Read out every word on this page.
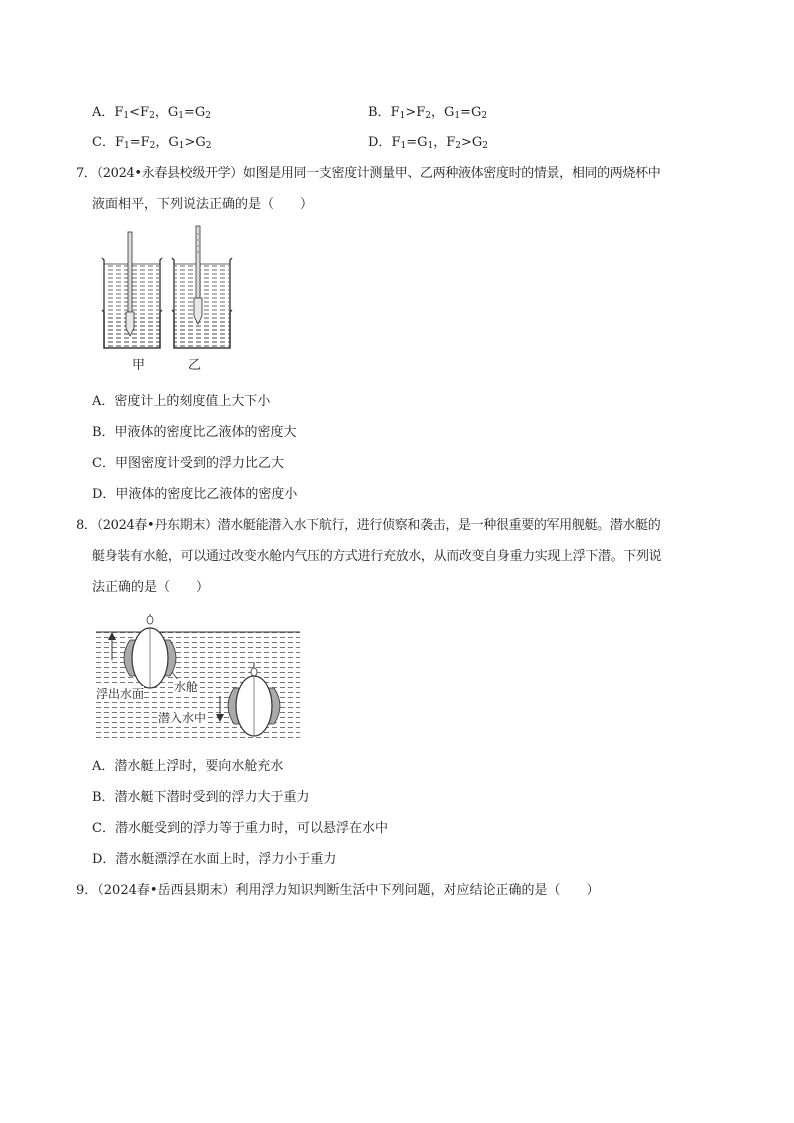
A．$F_1<F_2$，$G_1=G_2$	B．$F_1>F_2$，$G_1=G_2$
C．$F_1=F_2$，$G_1>G_2$	D．$F_1=G_1$，$F_2>G_2$
7．（2024•永春县校级开学）如图是用同一支密度计测量甲、乙两种液体密度时的情景，相同的两烧杯中
液面相平，下列说法正确的是（　　）
甲	乙
A．密度计上的刻度值上大下小
B．甲液体的密度比乙液体的密度大
C．甲图密度计受到的浮力比乙大
D．甲液体的密度比乙液体的密度小
8．（2024春•丹东期末）潜水艇能潜入水下航行，进行侦察和袭击，是一种很重要的军用舰艇。潜水艇的
艇身装有水舱，可以通过改变水舱内气压的方式进行充放水，从而改变自身重力实现上浮下潜。下列说
法正确的是（　　）
浮出水面 水舱
潜入水中
A．潜水艇上浮时，要向水舱充水
B．潜水艇下潜时受到的浮力大于重力
C．潜水艇受到的浮力等于重力时，可以悬浮在水中
D．潜水艇漂浮在水面上时，浮力小于重力
9．（2024春•岳西县期末）利用浮力知识判断生活中下列问题，对应结论正确的是（　　）
